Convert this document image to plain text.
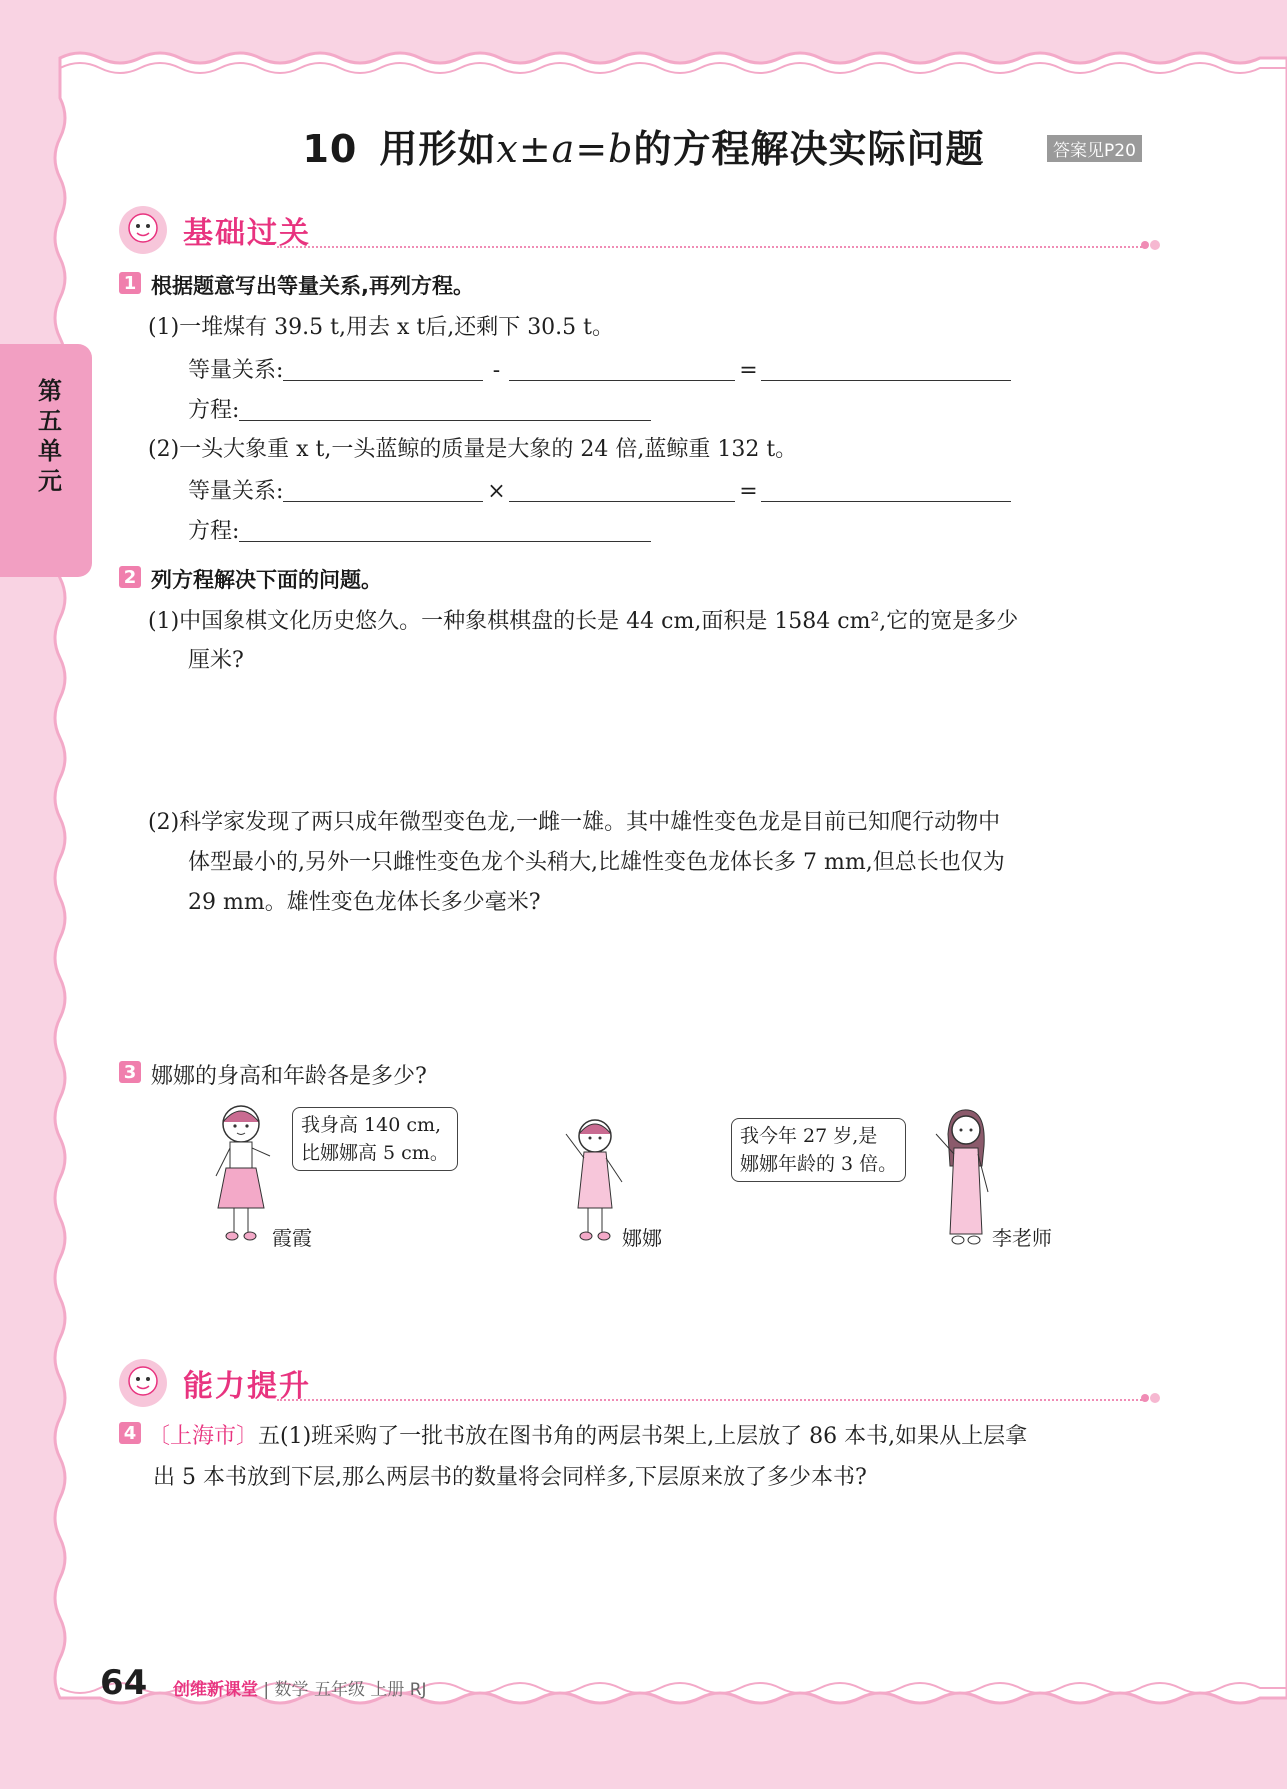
第五单元
10 用形如x±a=b的方程解决实际问题	答案见P20
基础过关
1 根据题意写出等量关系,再列方程。
(1)一堆煤有 39.5 t,用去 x t后,还剩下 30.5 t。
等量关系:	-	=
方程:
(2)一头大象重 x t,一头蓝鲸的质量是大象的 24 倍,蓝鲸重 132 t。
等量关系:	×	=
方程:
2 列方程解决下面的问题。
(1)中国象棋文化历史悠久。一种象棋棋盘的长是 44 cm,面积是 1584 cm²,它的宽是多少
厘米?
(2)科学家发现了两只成年微型变色龙,一雌一雄。其中雄性变色龙是目前已知爬行动物中
体型最小的,另外一只雌性变色龙个头稍大,比雄性变色龙体长多 7 mm,但总长也仅为
29 mm。雄性变色龙体长多少毫米?
3 娜娜的身高和年龄各是多少?
我身高 140 cm,
比娜娜高 5 cm。
霞霞	娜娜
我今年 27 岁,是
娜娜年龄的 3 倍。
李老师
能力提升
4 〔上海市〕五(1)班采购了一批书放在图书角的两层书架上,上层放了 86 本书,如果从上层拿
出 5 本书放到下层,那么两层书的数量将会同样多,下层原来放了多少本书?
64 创维新课堂 | 数学 五年级 上册 RJ
